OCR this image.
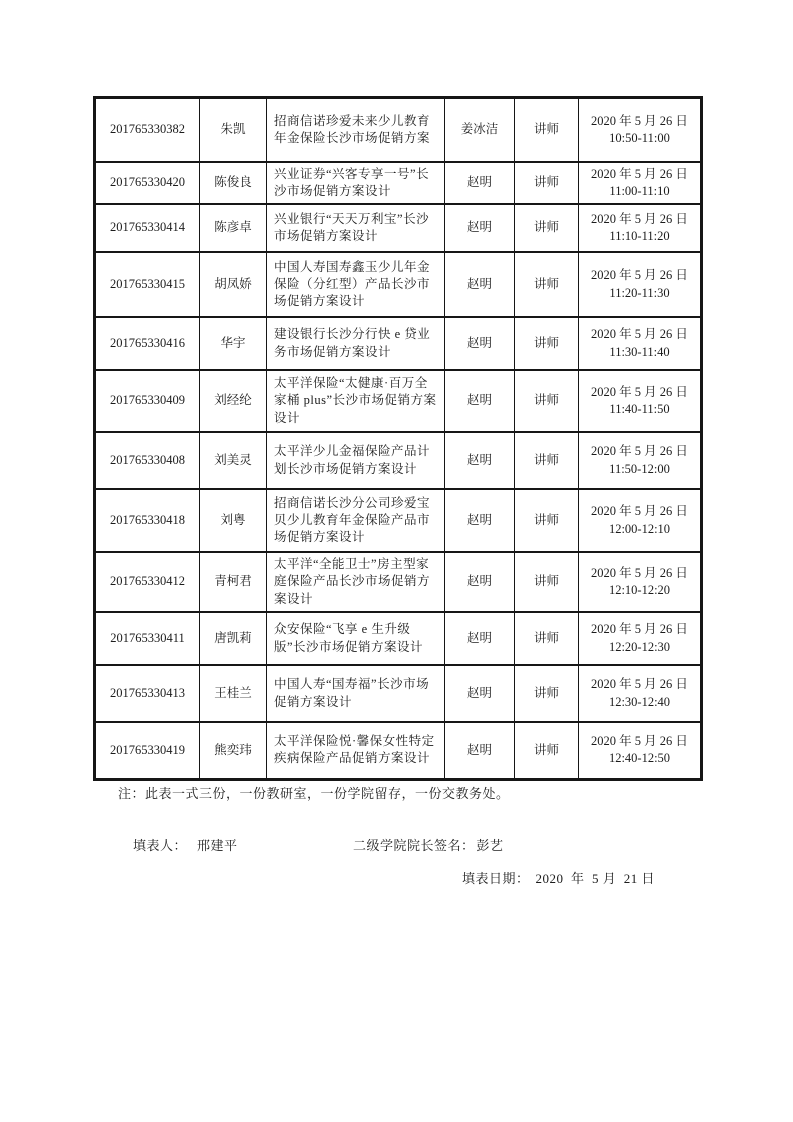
201765330382	朱凯	招商信诺珍爱未来少儿教育年金保险长沙市场促销方案	姜冰洁	讲师	2020 年 5 月 26 日
10:50-11:00

201765330420	陈俊良	兴业证券“兴客专享一号”长沙市场促销方案设计	赵明	讲师	2020 年 5 月 26 日
11:00-11:10

201765330414	陈彦卓	兴业银行“天天万利宝”长沙市场促销方案设计	赵明	讲师	2020 年 5 月 26 日
11:10-11:20

201765330415	胡凤娇	中国人寿国寿鑫玉少儿年金保险（分红型）产品长沙市场促销方案设计	赵明	讲师	2020 年 5 月 26 日
11:20-11:30

201765330416	华宇	建设银行长沙分行快 e 贷业务市场促销方案设计	赵明	讲师	2020 年 5 月 26 日
11:30-11:40

201765330409	刘经纶	太平洋保险“太健康·百万全家桶 plus”长沙市场促销方案设计	赵明	讲师	2020 年 5 月 26 日
11:40-11:50

201765330408	刘美灵	太平洋少儿金福保险产品计划长沙市场促销方案设计	赵明	讲师	2020 年 5 月 26 日
11:50-12:00

201765330418	刘粤	招商信诺长沙分公司珍爱宝贝少儿教育年金保险产品市场促销方案设计	赵明	讲师	2020 年 5 月 26 日
12:00-12:10

201765330412	青柯君	太平洋“全能卫士”房主型家庭保险产品长沙市场促销方案设计	赵明	讲师	2020 年 5 月 26 日
12:10-12:20

201765330411	唐凯莉	众安保险“飞享 e 生升级版”长沙市场促销方案设计	赵明	讲师	2020 年 5 月 26 日
12:20-12:30

201765330413	王桂兰	中国人寿“国寿福”长沙市场促销方案设计	赵明	讲师	2020 年 5 月 26 日
12:30-12:40

201765330419	熊奕玮	太平洋保险悦·馨保女性特定疾病保险产品促销方案设计	赵明	讲师	2020 年 5 月 26 日
12:40-12:50
注：此表一式三份，一份教研室，一份学院留存，一份交教务处。

填表人： 邢建平
	二级学院院长签名： 彭艺

填表日期： 2020  年  5 月  21 日
